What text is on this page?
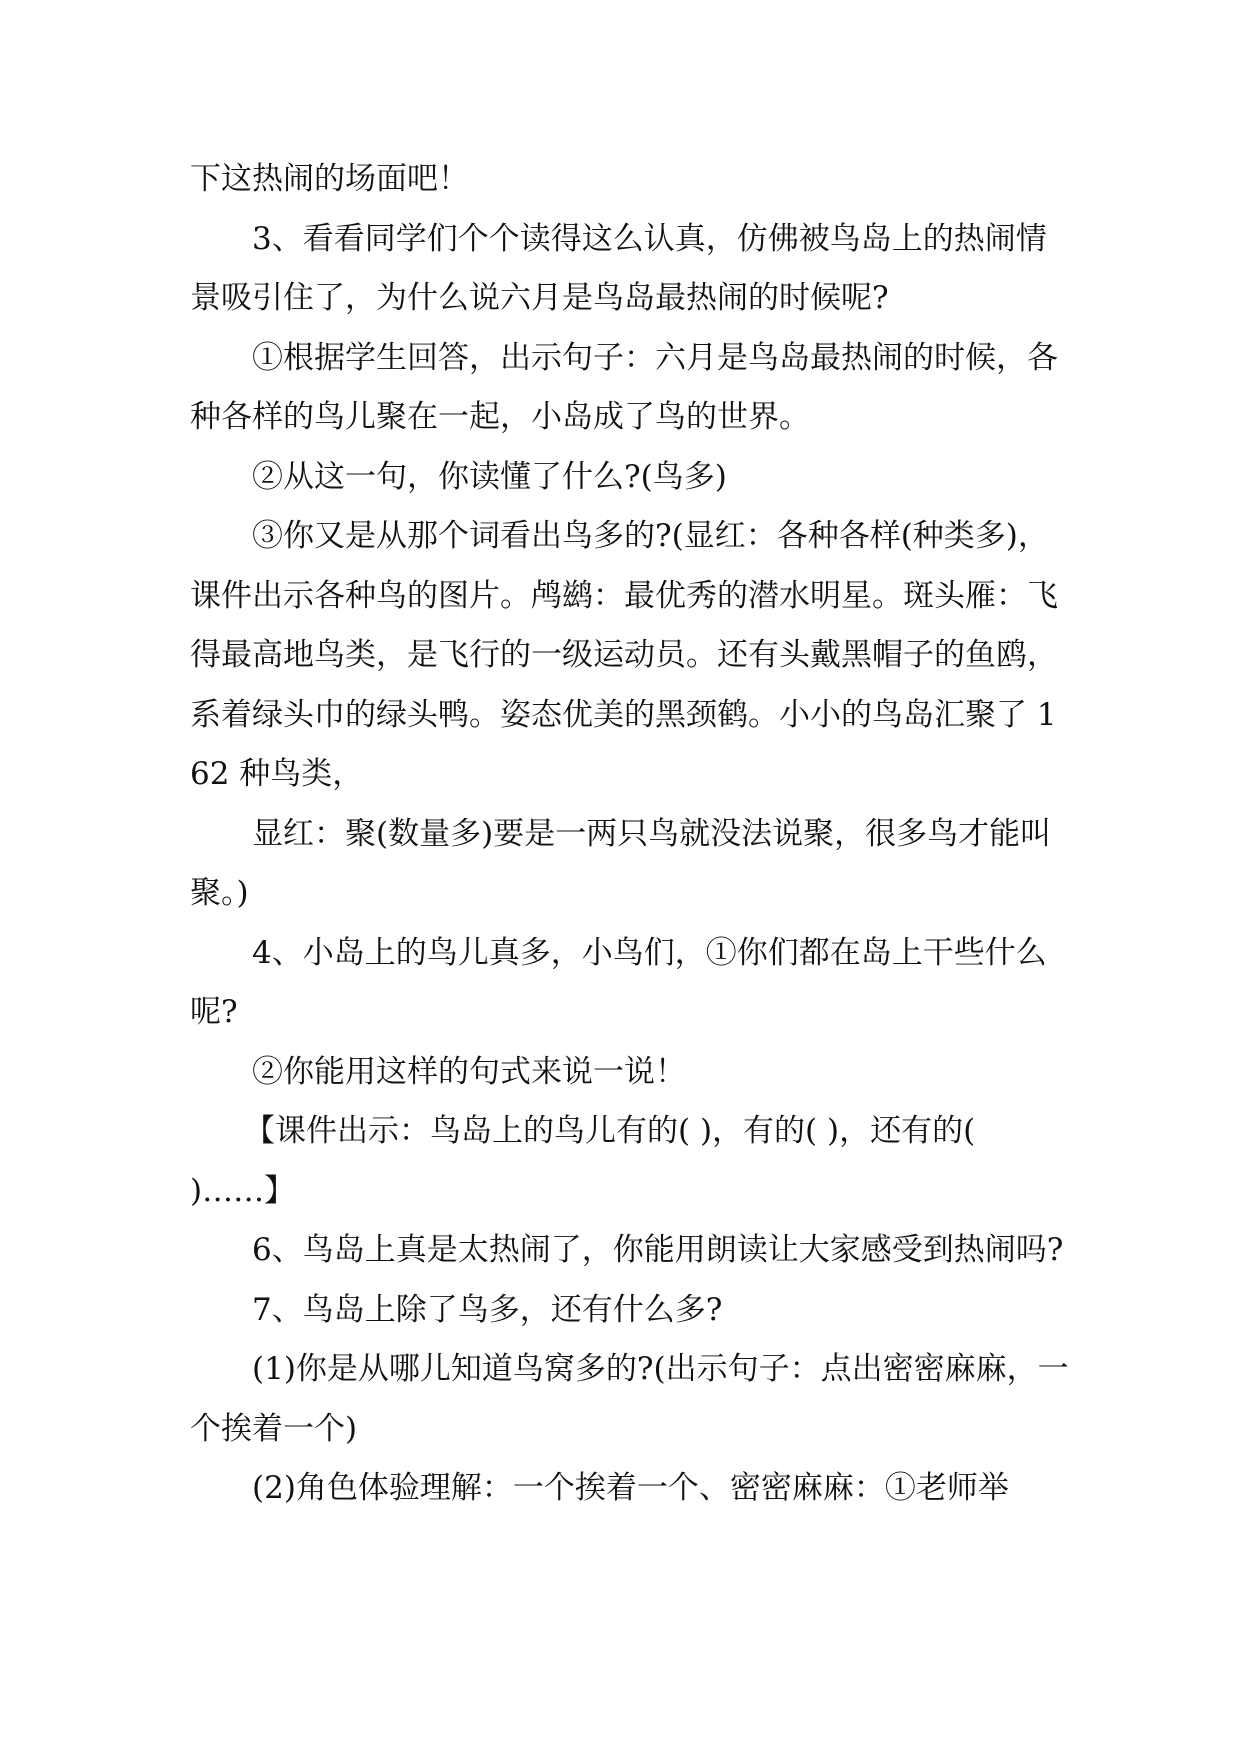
下这热闹的场面吧！

3、看看同学们个个读得这么认真，仿佛被鸟岛上的热闹情景吸引住了，为什么说六月是鸟岛最热闹的时候呢?

①根据学生回答，出示句子：六月是鸟岛最热闹的时候，各种各样的鸟儿聚在一起，小岛成了鸟的世界。

②从这一句，你读懂了什么?(鸟多)

③你又是从那个词看出鸟多的?(显红：各种各样(种类多)，课件出示各种鸟的图片。鸬鹚：最优秀的潜水明星。斑头雁：飞得最高地鸟类，是飞行的一级运动员。还有头戴黑帽子的鱼鸥，系着绿头巾的绿头鸭。姿态优美的黑颈鹤。小小的鸟岛汇聚了 162 种鸟类，

显红：聚(数量多)要是一两只鸟就没法说聚，很多鸟才能叫聚。)

4、小岛上的鸟儿真多，小鸟们，①你们都在岛上干些什么呢?

②你能用这样的句式来说一说！

【课件出示：鸟岛上的鸟儿有的( )，有的( )，还有的( )……】

6、鸟岛上真是太热闹了，你能用朗读让大家感受到热闹吗?

7、鸟岛上除了鸟多，还有什么多?

(1)你是从哪儿知道鸟窝多的?(出示句子：点出密密麻麻，一个挨着一个)

(2)角色体验理解：一个挨着一个、密密麻麻：①老师举
